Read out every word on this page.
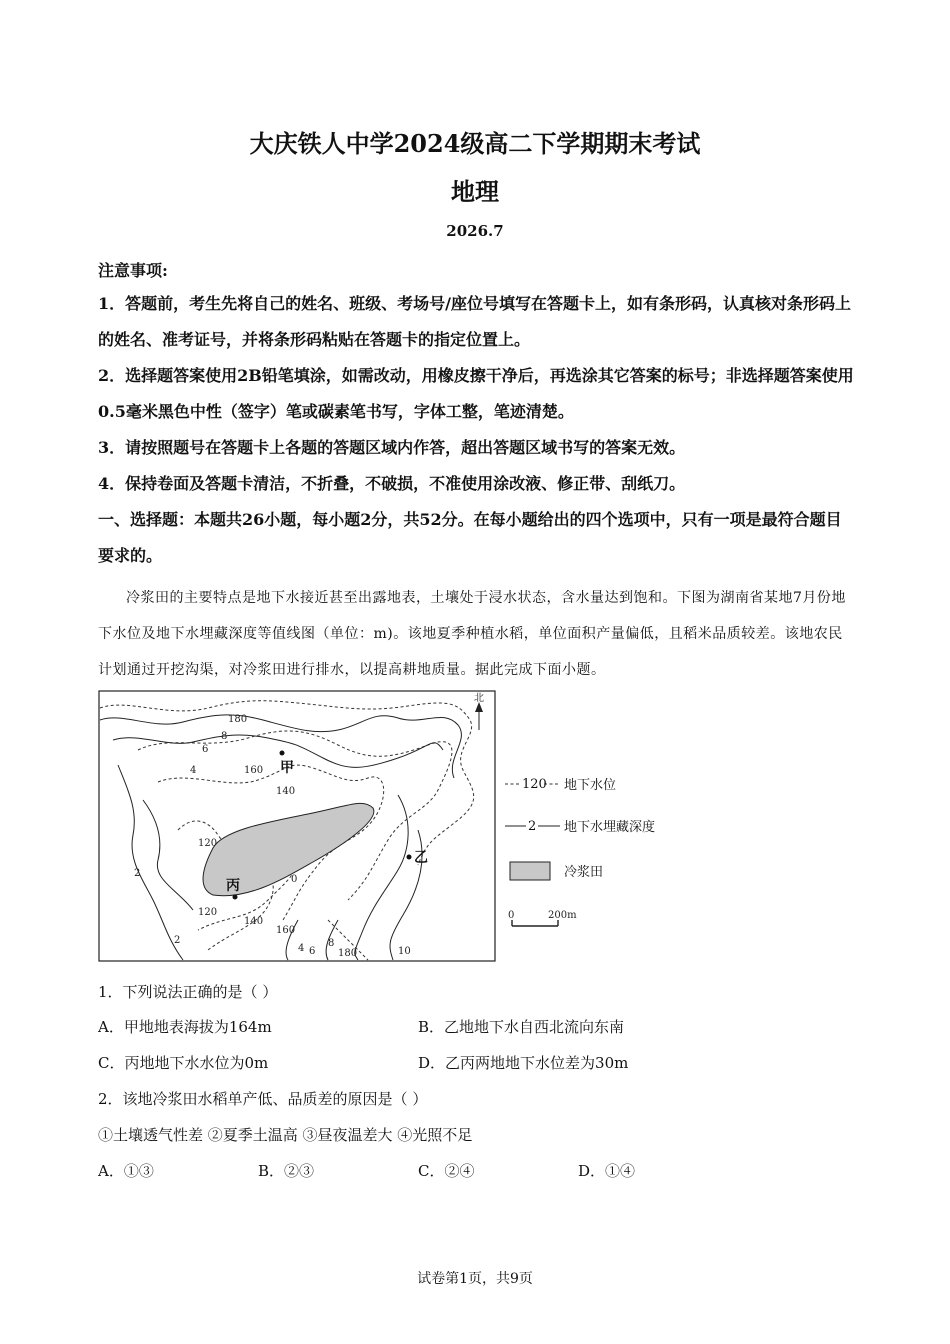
大庆铁人中学2024级高二下学期期末考试
地理
2026.7
注意事项:
1．答题前，考生先将自己的姓名、班级、考场号/座位号填写在答题卡上，如有条形码，认真核对条形码上的姓名、准考证号，并将条形码粘贴在答题卡的指定位置上。
2．选择题答案使用2B铅笔填涂，如需改动，用橡皮擦干净后，再选涂其它答案的标号；非选择题答案使用0.5毫米黑色中性（签字）笔或碳素笔书写，字体工整，笔迹清楚。
3．请按照题号在答题卡上各题的答题区域内作答，超出答题区域书写的答案无效。
4．保持卷面及答题卡清洁，不折叠，不破损，不准使用涂改液、修正带、刮纸刀。
一、选择题：本题共26小题，每小题2分，共52分。在每小题给出的四个选项中，只有一项是最符合题目要求的。
冷浆田的主要特点是地下水接近甚至出露地表，土壤处于浸水状态，含水量达到饱和。下图为湖南省某地7月份地下水位及地下水埋藏深度等值线图（单位：m)。该地夏季种植水稻，单位面积产量偏低，且稻米品质较差。该地农民计划通过开挖沟渠，对冷浆田进行排水，以提高耕地质量。据此完成下面小题。
北
甲
乙
丙
180
8
6
4	160
140
120
2
0
120
140
160
2
4 6
8
180	10
120 地下水位
2 地下水埋藏深度
冷浆田
0	200m
1．下列说法正确的是（ ）
A．甲地地表海拔为164m	B．乙地地下水自西北流向东南
C．丙地地下水水位为0m	D．乙丙两地地下水位差为30m
2．该地冷浆田水稻单产低、品质差的原因是（ ）
①土壤透气性差 ②夏季土温高 ③昼夜温差大 ④光照不足
A．①③	B．②③	C．②④	D．①④
试卷第1页，共9页
